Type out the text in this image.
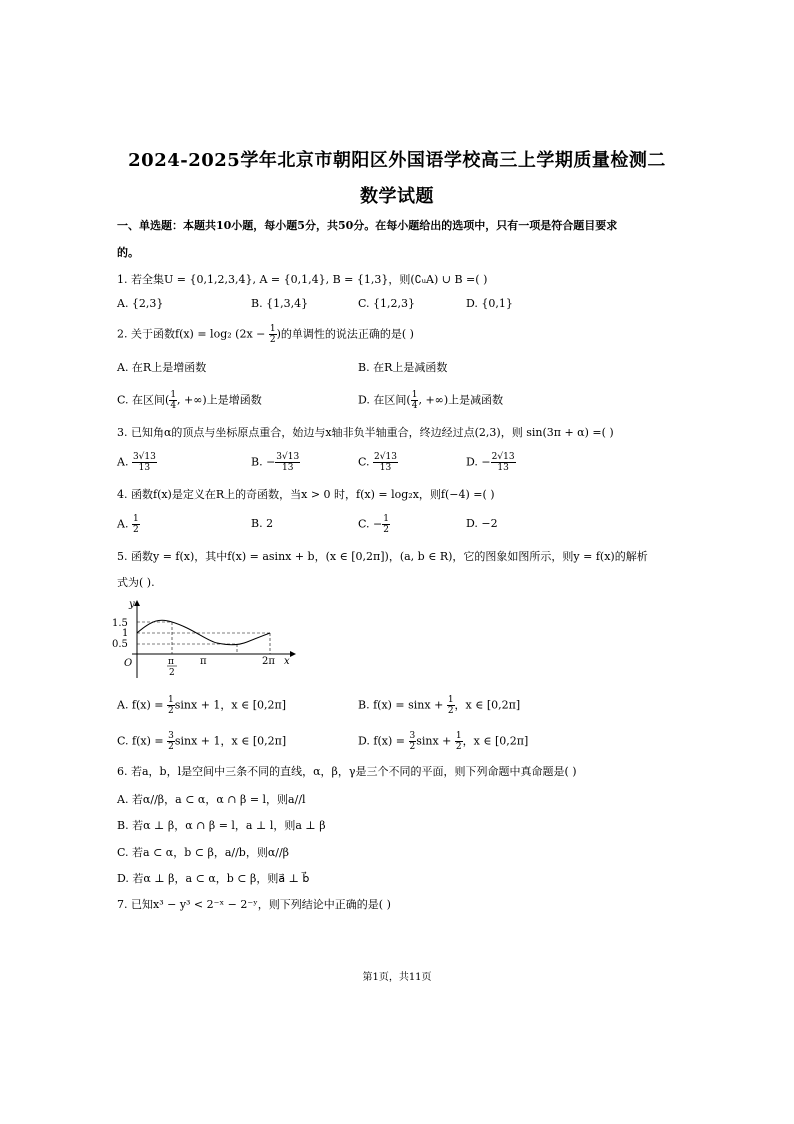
2024-2025学年北京市朝阳区外国语学校高三上学期质量检测二
数学试题
一、单选题：本题共10小题，每小题5分，共50分。在每小题给出的选项中，只有一项是符合题目要求
的。
1. 若全集U = {0,1,2,3,4}, A = {0,1,4}, B = {1,3}，则(∁ᵤA) ∪ B =( )
A. {2,3}	B. {1,3,4}	C. {1,2,3}	D. {0,1}
2. 关于函数f(x) = log₂ ($2x - \frac{1}{2}$ )的单调性的说法正确的是( )
A. 在R上是增函数	B. 在R上是减函数
C. 在区间( $\frac{1}{4}$ , +∞)上是增函数	D. 在区间( $\frac{1}{4}$ , +∞)上是减函数
3. 已知角α的顶点与坐标原点重合，始边与x轴非负半轴重合，终边经过点(2,3)，则 sin(3π + α) =( )
A. $\frac{3√13}{13}$	B. − $\frac{3√13}{13}$	C. $\frac{2√13}{13}$	D. − $\frac{2√13}{13}$
4. 函数f(x)是定义在R上的奇函数，当x > 0 时，f(x) = log₂x，则f(−4) =( )
A. $\frac{1}{2}$	B. 2	C. − $\frac{1}{2}$	D. −2
5. 函数y = f(x)，其中f(x) = asinx + b，(x ∈ [0,2π])，(a, b ∈ R)，它的图象如图所示，则y = f(x)的解析
式为( ).
y
1.5
1
0.5
O	π
2
π	2π x
A. $f(x) = \frac{1}{2}$ sinx + 1，x ∈ [0,2π]	B. $f(x) = \sin x + \frac{1}{2}$ ，x ∈ [0,2π]
C. $f(x) = \frac{3}{2}$ sinx + 1，x ∈ [0,2π]	D. $f(x) = \frac{3}{2}$ $\sin x + \frac{1}{2}$ ，x ∈ [0,2π]
6. 若a，b，l是空间中三条不同的直线，α，β，γ是三个不同的平面，则下列命题中真命题是( )
A. 若α//β，a ⊂ α，α ∩ β = l，则a//l
B. 若α ⊥ β，α ∩ β = l，a ⊥ l，则a ⊥ β
C. 若a ⊂ α，b ⊂ β，a//b，则α//β
D. 若α ⊥ β，a ⊂ α，b ⊂ β，则a⃗ ⊥ b⃗
7. 已知x³ − y³ < 2⁻ˣ − 2⁻ʸ，则下列结论中正确的是( )
第1页，共11页
